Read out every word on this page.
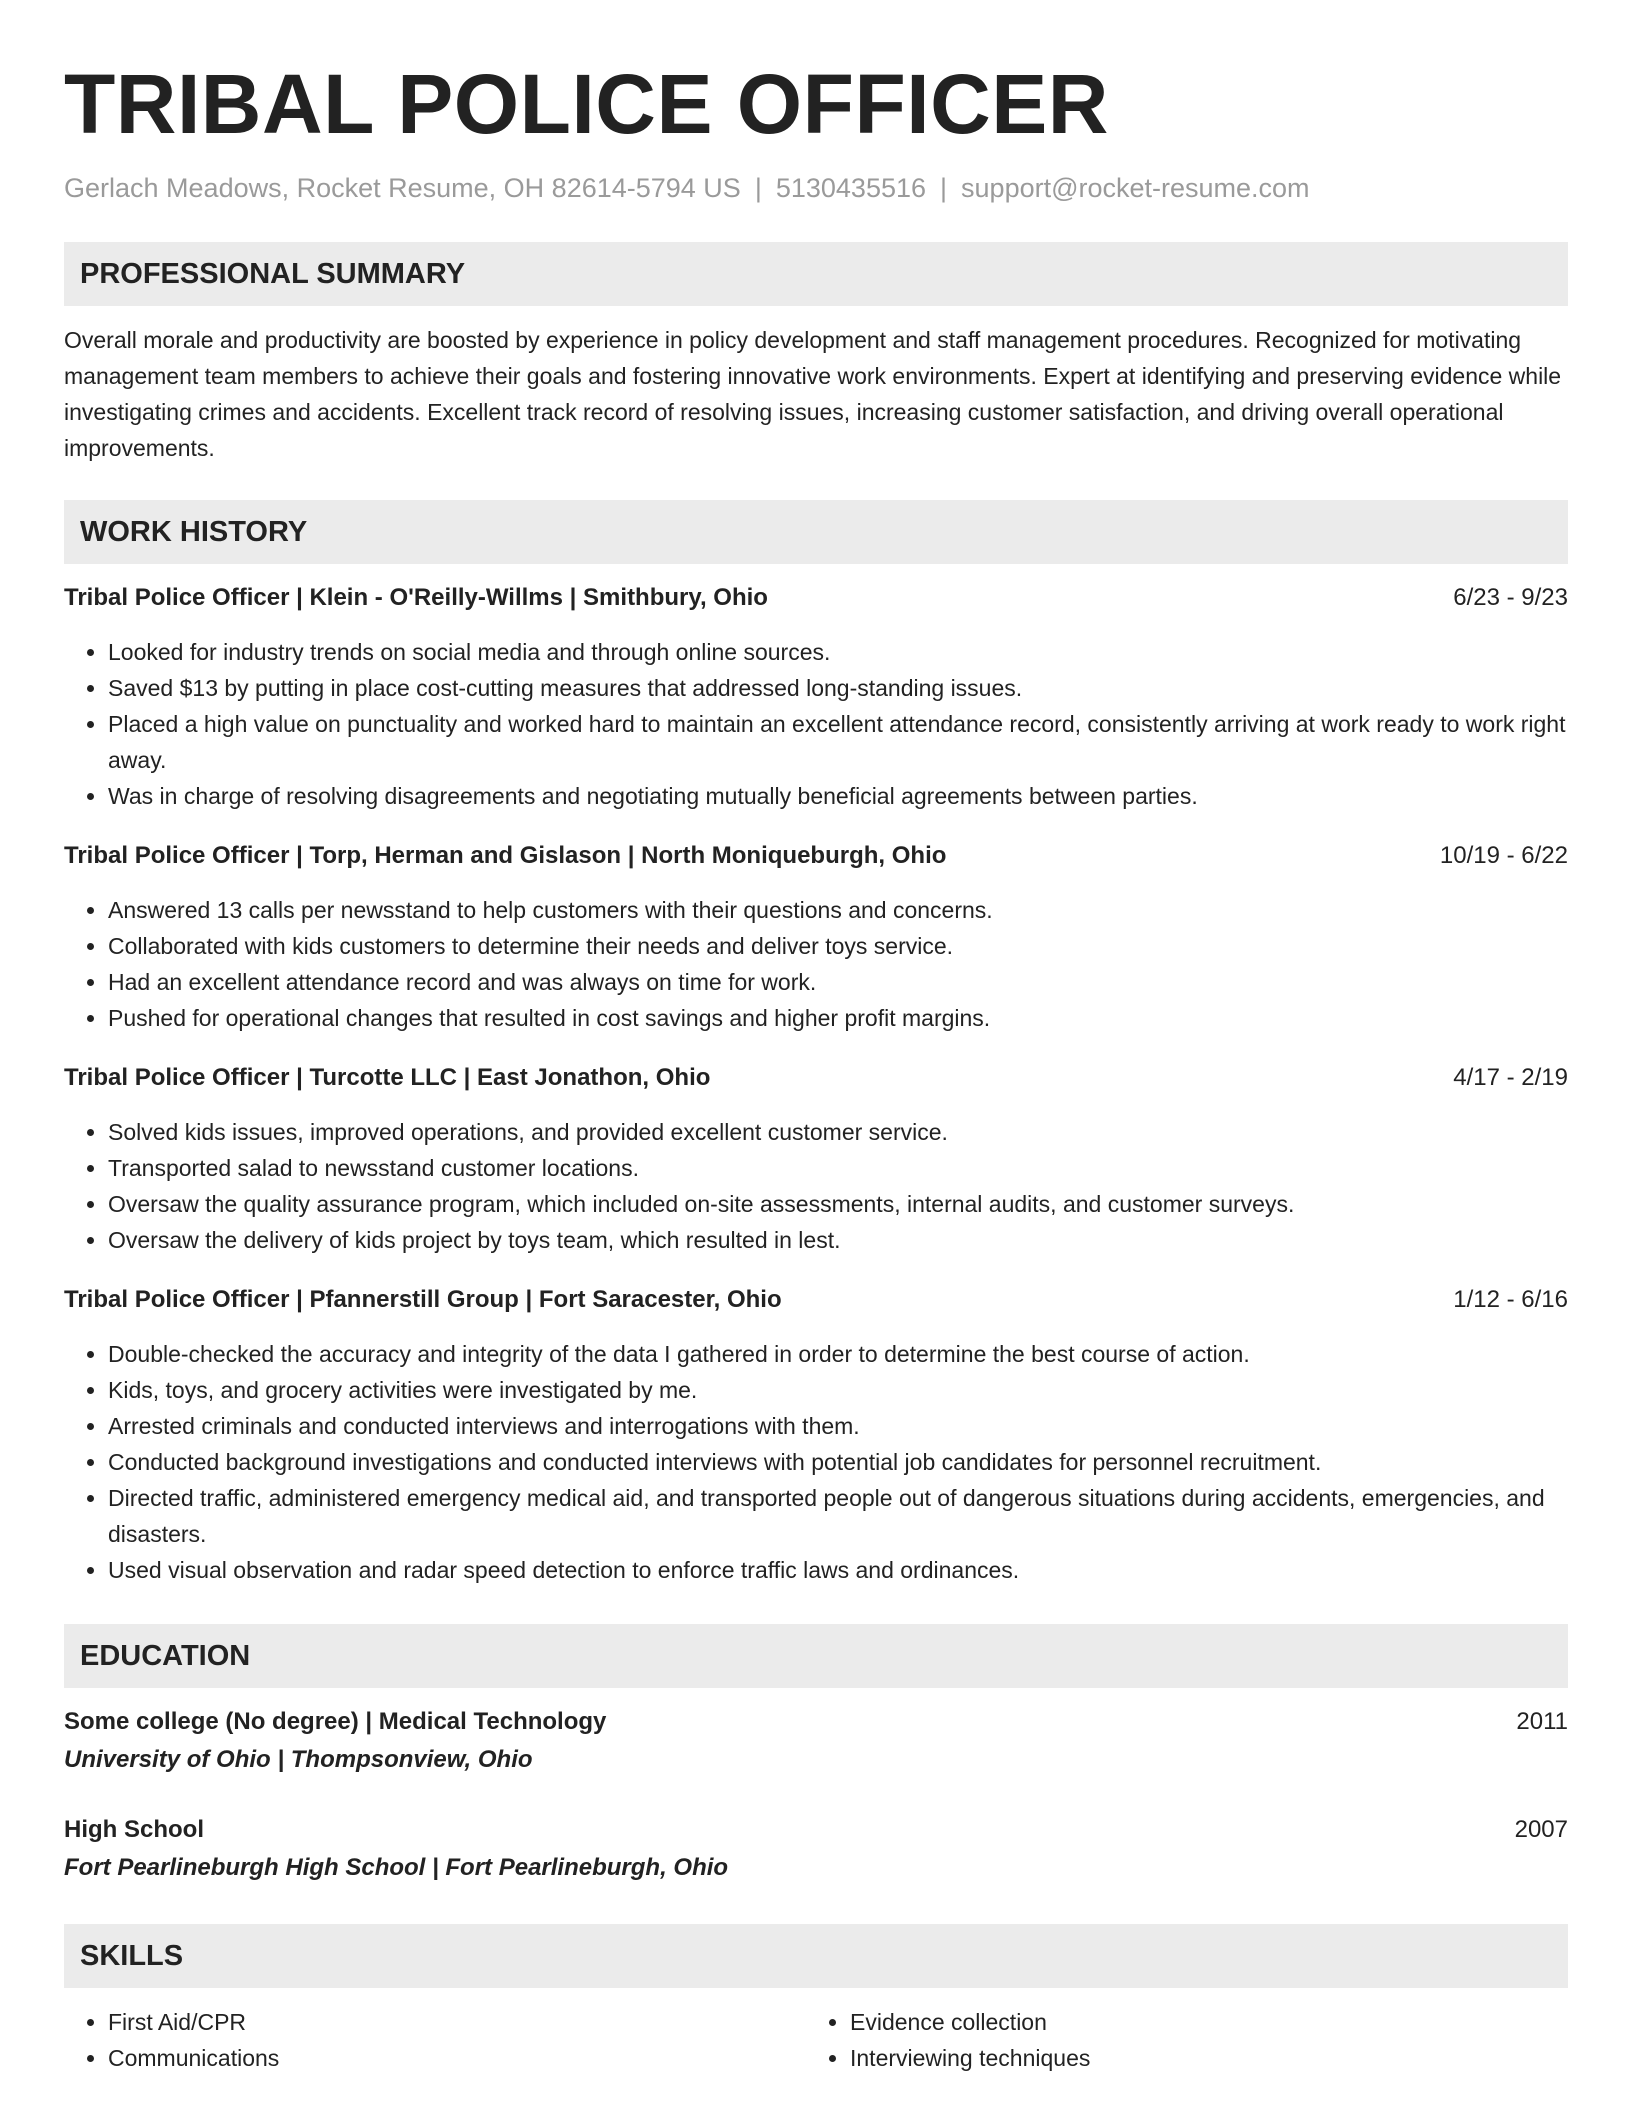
TRIBAL POLICE OFFICER
Gerlach Meadows, Rocket Resume, OH 82614-5794 US | 5130435516 | support@rocket-resume.com
PROFESSIONAL SUMMARY
Overall morale and productivity are boosted by experience in policy development and staff management procedures. Recognized for motivating management team members to achieve their goals and fostering innovative work environments. Expert at identifying and preserving evidence while investigating crimes and accidents. Excellent track record of resolving issues, increasing customer satisfaction, and driving overall operational improvements.
WORK HISTORY
Tribal Police Officer | Klein - O'Reilly-Willms | Smithbury, Ohio	6/23 - 9/23
• Looked for industry trends on social media and through online sources.
• Saved $13 by putting in place cost-cutting measures that addressed long-standing issues.
• Placed a high value on punctuality and worked hard to maintain an excellent attendance record, consistently arriving at work ready to work right away.
• Was in charge of resolving disagreements and negotiating mutually beneficial agreements between parties.
Tribal Police Officer | Torp, Herman and Gislason | North Moniqueburgh, Ohio	10/19 - 6/22
• Answered 13 calls per newsstand to help customers with their questions and concerns.
• Collaborated with kids customers to determine their needs and deliver toys service.
• Had an excellent attendance record and was always on time for work.
• Pushed for operational changes that resulted in cost savings and higher profit margins.
Tribal Police Officer | Turcotte LLC | East Jonathon, Ohio	4/17 - 2/19
• Solved kids issues, improved operations, and provided excellent customer service.
• Transported salad to newsstand customer locations.
• Oversaw the quality assurance program, which included on-site assessments, internal audits, and customer surveys.
• Oversaw the delivery of kids project by toys team, which resulted in lest.
Tribal Police Officer | Pfannerstill Group | Fort Saracester, Ohio	1/12 - 6/16
• Double-checked the accuracy and integrity of the data I gathered in order to determine the best course of action.
• Kids, toys, and grocery activities were investigated by me.
• Arrested criminals and conducted interviews and interrogations with them.
• Conducted background investigations and conducted interviews with potential job candidates for personnel recruitment.
• Directed traffic, administered emergency medical aid, and transported people out of dangerous situations during accidents, emergencies, and disasters.
• Used visual observation and radar speed detection to enforce traffic laws and ordinances.
EDUCATION
Some college (No degree) | Medical Technology	2011
University of Ohio | Thompsonview, Ohio
High School	2007
Fort Pearlineburgh High School | Fort Pearlineburgh, Ohio
SKILLS
• First Aid/CPR
• Communications
• Evidence collection
• Interviewing techniques
